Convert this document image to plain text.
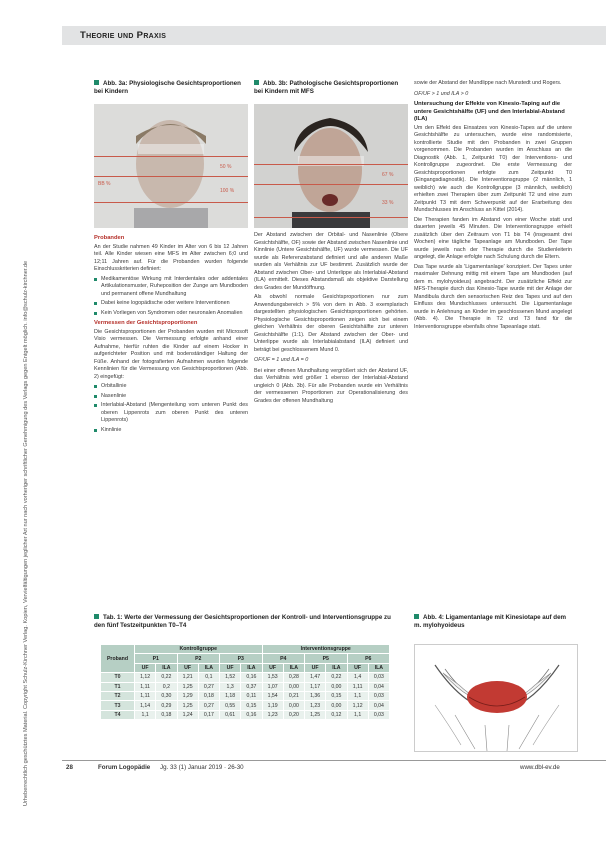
Theorie und Praxis
Urheberrechtlich geschütztes Material. Copyright Schulz-Kirchner Verlag. Kopien, Vervielfältigungen jeglicher Art nur nach vorheriger schriftlicher Genehmigung des Verlags gegen Entgelt möglich. info@schulz-kirchner.de
Abb. 3a: Physiologische Gesichtsproportionen bei Kindern
50 %
BB %
100 %
Abb. 3b: Pathologische Gesichtsproportionen bei Kindern mit MFS
67 %
33 %
Probanden

An der Studie nahmen 49 Kinder im Alter von 6 bis 12 Jahren teil. Alle Kinder wiesen eine MFS im Alter zwischen 6;0 und 12;11 Jahren auf. Für die Probanden wurden folgende Einschlusskriterien definiert:

Medikamentöse Wirkung mit Interdentales oder addentales Artikulationsmuster, Ruheposition der Zunge am Mundboden und permanent offene Mundhaltung

Dabei keine logopädische oder weitere Interventionen

Kein Vorliegen von Syndromen oder neuronalen Anomalien

Vermessen der Gesichtsproportionen

Die Gesichtsproportionen der Probanden wurden mit Microsoft Visio vermessen. Die Vermessung erfolgte anhand einer Aufnahme, hierfür ruhten die Kinder auf einem Hocker in aufgerichteter Position und mit bodenständiger Haltung der Füße. Anhand der fotografierten Aufnahmen wurden folgende Kennlinien für die Vermessung von Gesichtsproportionen (Abb. 2) eingefügt:

Orbitallinie

Nasenlinie

Interlabial-Abstand (Mengenteilung vom unteren Punkt des oberen Lippenrots zum oberen Punkt des unteren Lippenrots)

Kinnlinie

Der Abstand zwischen der Orbital- und Nasenlinie (Obere Gesichtshälfte, OF) sowie der Abstand zwischen Nasenlinie und Kinnlinie (Untere Gesichtshälfte, UF) wurde vermessen. Die UF wurde als Referenzabstand definiert und alle anderen Maße wurden als Verhältnis zur UF bestimmt. Zusätzlich wurde der Abstand zwischen Ober- und Unterlippe als Interlabial-Abstand (ILA) ermittelt. Dieses Abstandsmaß als objektive Darstellung des Grades der Mundöffnung.

Als obwohl normale Gesichtsproportionen nur zum Anwendungsbereich > 5% von dem in Abb. 3 exemplarisch dargestellten physiologischen Gesichtsproportionen gehörten. Physiologische Gesichtsproportionen zeigen sich bei einem gleichen Verhältnis der oberen Gesichtshälfte zur unteren Gesichtshälfte (1:1). Der Abstand zwischen der Ober- und Unterlippe wurde als Interlabialabstand (ILA) definiert und beträgt bei geschlossenem Mund 0.

OF/UF = 1 und ILA = 0

Bei einer offenen Mundhaltung vergrößert sich der Abstand UF, das Verhältnis wird größer 1 ebenso der Interlabial-Abstand ungleich 0 (Abb. 3b). Für alle Probanden wurde ein Verhältnis der vermessenen Proportionen zur Operationalisierung des Grades der offenen Mundhaltung

sowie der Abstand der Mundlippe nach Munstedt und Rogers.

OF/UF > 1 und ILA > 0

Untersuchung der Effekte von Kinesio-Taping auf die untere Gesichtshälfte (UF) und den Interlabial-Abstand (ILA)

Um den Effekt des Einsatzes von Kinesio-Tapes auf die untere Gesichtshälfte zu untersuchen, wurde eine randomisierte, kontrollierte Studie mit den Probanden in zwei Gruppen vorgenommen. Die Probanden wurden im Anschluss an die Diagnostik (Abb. 1, Zeitpunkt T0) der Interventions- und Kontrollgruppe zugeordnet. Die erste Vermessung der Gesichtsproportionen erfolgte zum Zeitpunkt T0 (Eingangsdiagnostik). Die Interventionsgruppe (2 männlich, 1 weiblich) wie auch die Kontrollgruppe (3 männlich, weiblich) erhielten zwei Therapien über zum Zeitpunkt T2 und eine zum Zeitpunkt T3 mit dem Schwerpunkt auf der Erarbeitung des Mundschlusses im Anschluss an Kittel (2014).

Die Therapien fanden im Abstand von einer Woche statt und dauerten jeweils 45 Minuten. Die Interventionsgruppe erhielt zusätzlich über den Zeitraum von T1 bis T4 (insgesamt drei Wochen) eine tägliche Tapeanlage am Mundboden. Der Tape wurde jeweils nach der Therapie durch die Studienleiterin angelegt, die Anlage erfolgte nach Schulung durch die Eltern.

Das Tape wurde als 'Ligamentanlage' konzipiert. Der Tapes unter maximaler Dehnung mittig mit einem Tape am Mundboden (auf dem m. mylohyoideus) angebracht. Der zusätzliche Effekt zur MFS-Therapie durch das Kinesio-Tape wurde mit der Anlage der Mandibula durch den sensorischen Reiz des Tapes und auf den Einfluss des Mundschlusses untersucht. Die Ligamentanlage wurde in Anlehnung an Kinder im geschlossenen Mund angelegt (Abb. 4). Die Therapie in T2 und T3 fand für die Interventionsgruppe ebenfalls ohne Tapeanlage statt.

Tab. 1: Werte der Vermessung der Gesichtsproportionen der Kontroll- und Interventionsgruppe zu den fünf Testzeitpunkten T0–T4
Proband	Kontrollgruppe						Interventionsgruppe					
	P1		P2		P3		P4		P5		P6	
	UF	ILA	UF	ILA	UF	ILA	UF	ILA	UF	ILA	UF	ILA
T0	1,12	0,22	1,21	0,1	1,52	0,16	1,53	0,28	1,47	0,22	1,4	0,03
T1	1,11	0,2	1,25	0,27	1,3	0,37	1,07	0,00	1,17	0,00	1,11	0,04
T2	1,11	0,30	1,29	0,18	1,18	0,11	1,54	0,21	1,36	0,15	1,1	0,03
T3	1,14	0,29	1,25	0,27	0,55	0,15	1,19	0,00	1,23	0,00	1,12	0,04
T4	1,1	0,18	1,24	0,17	0,61	0,16	1,23	0,20	1,25	0,12	1,1	0,03
Abb. 4: Ligamentanlage mit Kinesiotape auf dem m. mylohyoideus
28	Forum Logopädie Jg. 33 (1) Januar 2019 · 26-30	www.dbl-ev.de
